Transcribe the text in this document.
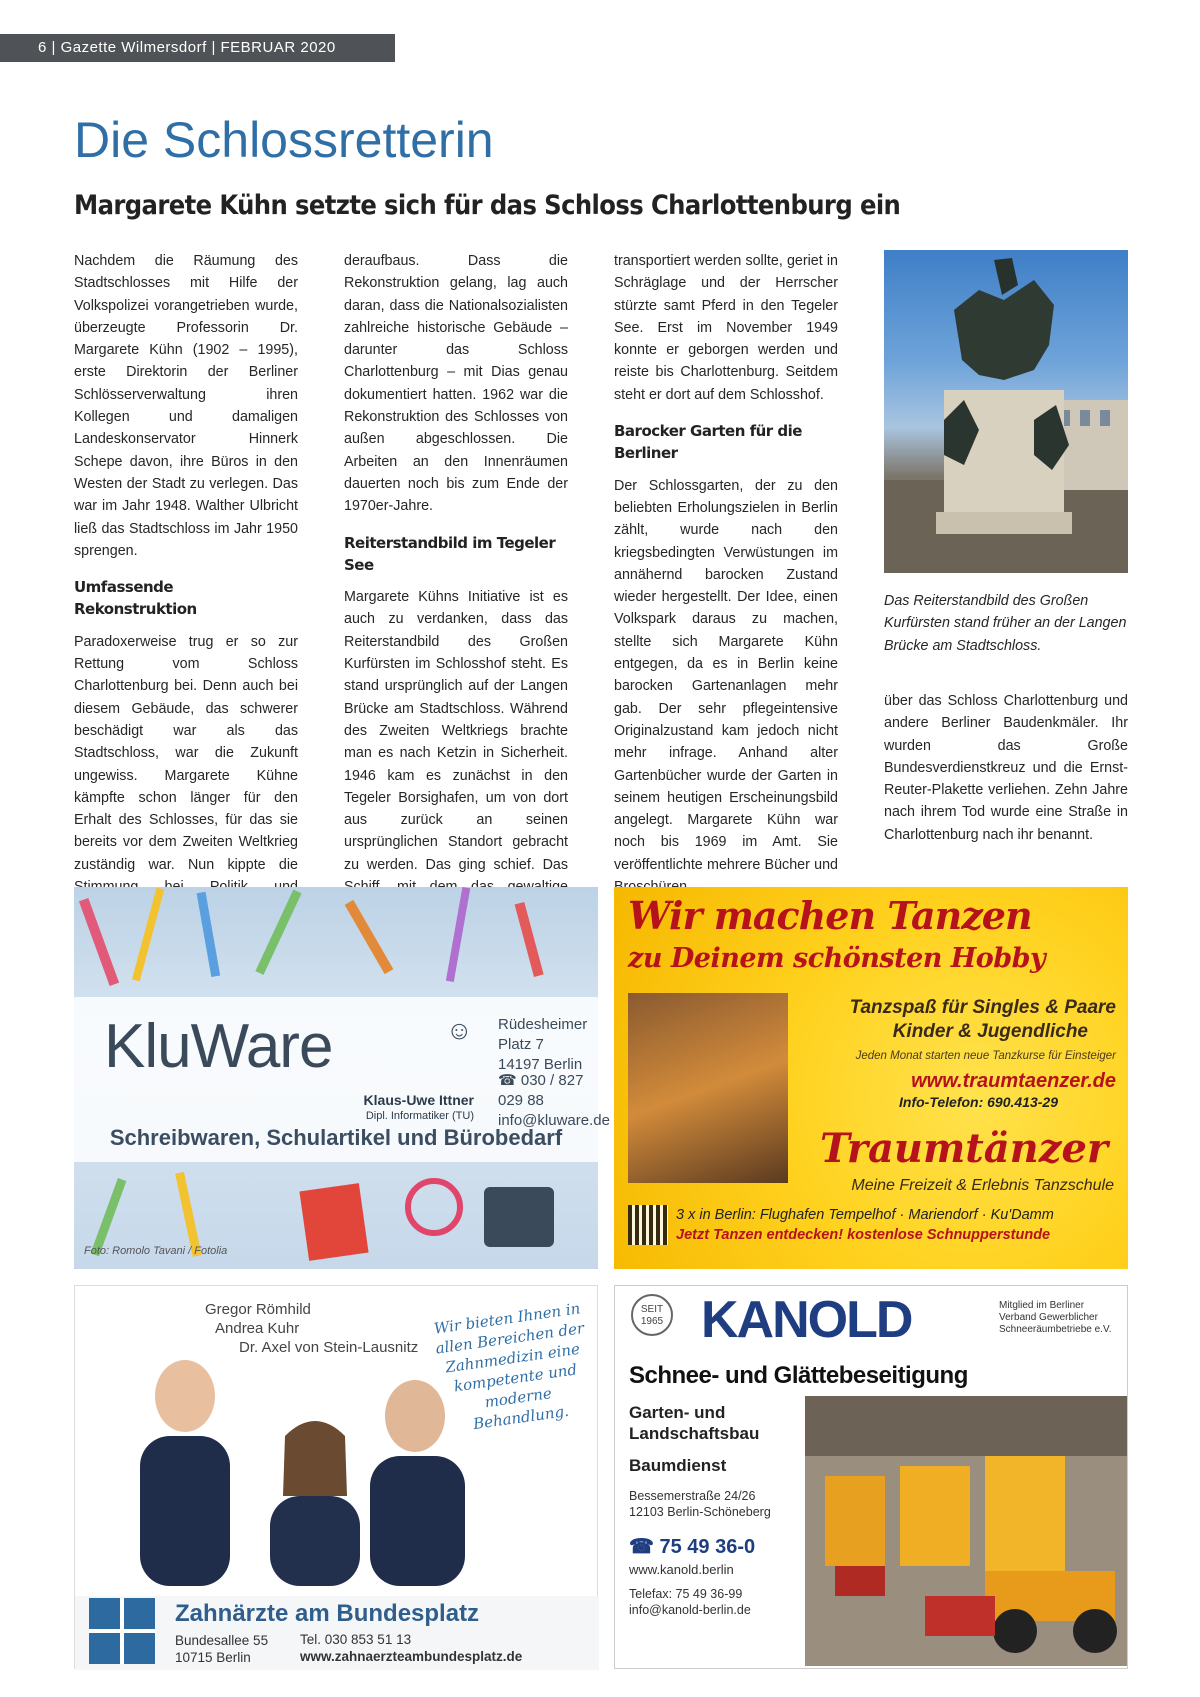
6 | Gazette Wilmersdorf | FEBRUAR 2020
Die Schlossretterin
Margarete Kühn setzte sich für das Schloss Charlottenburg ein

Nachdem die Räumung des Stadtschlosses mit Hilfe der Volkspolizei vorangetrieben wurde, überzeugte Professorin Dr. Margarete Kühn (1902 – 1995), erste Direktorin der Berliner Schlösserverwaltung ihren Kollegen und damaligen Landeskonservator Hinnerk Schepe davon, ihre Büros in den Westen der Stadt zu verlegen. Das war im Jahr 1948. Walther Ulbricht ließ das Stadtschloss im Jahr 1950 sprengen.

Umfassende Rekonstruktion

Paradoxerweise trug er so zur Rettung vom Schloss Charlottenburg bei. Denn auch bei diesem Gebäude, das schwerer beschädigt war als das Stadtschloss, war die Zukunft ungewiss. Margarete Kühne kämpfte schon länger für den Erhalt des Schlosses, für das sie bereits vor dem Zweiten Weltkrieg zuständig war. Nun kippte die

deraufbaus. Dass die Rekonstruktion gelang, lag auch daran, dass die Nationalsozialisten zahlreiche historische Gebäude – darunter das Schloss Charlottenburg – mit Dias genau dokumentiert hatten. 1962 war die Rekonstruktion des Schlosses von außen abgeschlossen. Die Arbeiten an den Innenräumen dauerten noch bis zum Ende der 1970er-Jahre.

Reiterstandbild im Tegeler See

Margarete Kühns Initiative ist es auch zu verdanken, dass das Reiterstandbild des Großen Kurfürsten im Schlosshof steht. Es stand ursprünglich auf der Langen Brücke am Stadtschloss. Während des Zweiten Weltkriegs brachte man es nach Ketzin in Sicherheit. 1946 kam es zunächst in den Tegeler Borsighafen, um von dort aus zurück an seinen ursprünglichen Standort gebracht zu werden. Das ging schief. Das

transportiert werden sollte, geriet in Schräglage und der Herrscher stürzte samt Pferd in den Tegeler See. Erst im November 1949 konnte er geborgen werden und reiste bis Charlottenburg. Seitdem steht er dort auf dem Schlosshof.

Barocker Garten für die Berliner

Der Schlossgarten, der zu den beliebten Erholungszielen in Berlin zählt, wurde nach den kriegsbedingten Verwüstungen im annähernd barocken Zustand wieder hergestellt. Der Idee, einen Volkspark daraus zu machen, stellte sich Margarete Kühn entgegen, da es in Berlin keine barocken Gartenanlagen mehr gab. Der sehr pflegeintensive Originalzustand kam jedoch nicht mehr infrage. Anhand alter Gartenbücher wurde der Garten in seinem heutigen Erscheinungsbild angelegt. Margarete Kühn war noch bis 1969 im Amt. Sie veröffentlichte mehrere Bücher und

Das Reiterstandbild des Großen Kurfürsten stand früher an der Langen Brücke am Stadtschloss.

über das Schloss Charlottenburg und andere Berliner Baudenkmäler. Ihr wurden das Große Bundesverdienstkreuz und die Ernst-Reuter-Plakette verliehen. Zehn Jahre nach ihrem Tod wurde eine Straße in Charlottenburg nach ihr benannt.

KluWare	☺
Klaus-Uwe Ittner
Dipl. Informatiker (TU)
Rüdesheimer Platz 7
14197 Berlin
☎ 030 / 827 029 88
info@kluware.de
Schreibwaren, Schulartikel und Bürobedarf
Foto: Romolo Tavani / Fotolia
Wir machen Tanzen
zu Deinem schönsten Hobby
Tanzspaß für Singles & Paare
Kinder & Jugendliche
Jeden Monat starten neue Tanzkurse für Einsteiger
www.traumtaenzer.de
Info-Telefon: 690.413-29
Traumtänzer
Meine Freizeit & Erlebnis Tanzschule
3 x in Berlin: Flughafen Tempelhof · Mariendorf · Ku'Damm
Jetzt Tanzen entdecken! kostenlose Schnupperstunde
Gregor Römhild
Andrea Kuhr
Dr. Axel von Stein-Lausnitz
Wir bieten Ihnen in allen Bereichen der Zahnmedizin eine kompetente und moderne Behandlung.
Zahnärzte am Bundesplatz
Bundesallee 55
10715 Berlin
Tel. 030 853 51 13
www.zahnaerzteambundesplatz.de
SEIT 1965 KANOLD	Mitglied im Berliner Verband Gewerblicher Schneeräumbetriebe e.V.
Schnee- und Glättebeseitigung
Garten- und Landschaftsbau
Baumdienst
Bessemerstraße 24/26
12103 Berlin-Schöneberg
☎ 75 49 36-0
www.kanold.berlin
Telefax: 75 49 36-99
info@kanold-berlin.de
